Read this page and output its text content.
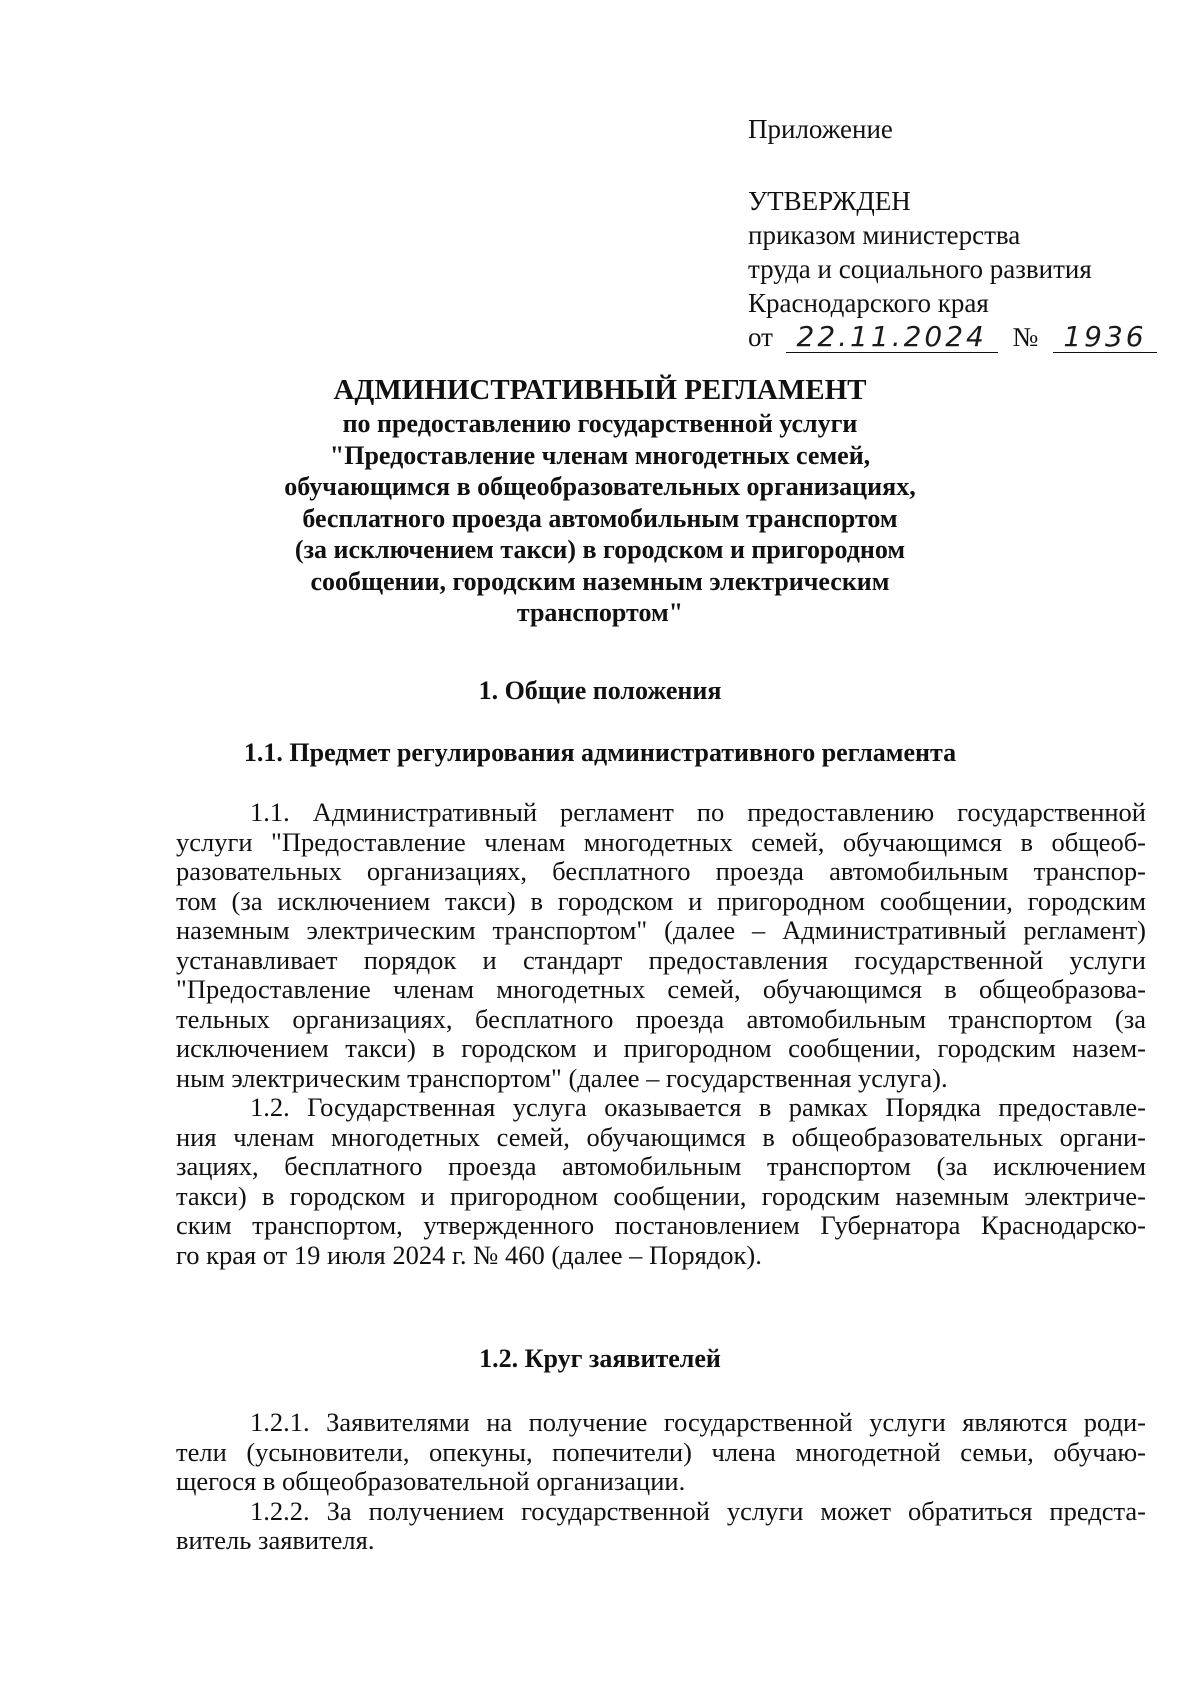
Приложение
УТВЕРЖДЕН
приказом министерства
труда и социального развития
Краснодарского края
от 22.11.2024 № 1936
АДМИНИСТРАТИВНЫЙ РЕГЛАМЕНТ
по предоставлению государственной услуги
"Предоставление членам многодетных семей,
обучающимся в общеобразовательных организациях,
бесплатного проезда автомобильным транспортом
(за исключением такси) в городском и пригородном
сообщении, городским наземным электрическим
транспортом"
1. Общие положения
1.1. Предмет регулирования административного регламента
1.1. Административный регламент по предоставлению государственной
услуги "Предоставление членам многодетных семей, обучающимся в общеоб-
разовательных организациях, бесплатного проезда автомобильным транспор-
том (за исключением такси) в городском и пригородном сообщении, городским
наземным электрическим транспортом" (далее – Административный регламент)
устанавливает порядок и стандарт предоставления государственной услуги
"Предоставление членам многодетных семей, обучающимся в общеобразова-
тельных организациях, бесплатного проезда автомобильным транспортом (за
исключением такси) в городском и пригородном сообщении, городским назем-
ным электрическим транспортом" (далее – государственная услуга).
1.2. Государственная услуга оказывается в рамках Порядка предоставле-
ния членам многодетных семей, обучающимся в общеобразовательных органи-
зациях, бесплатного проезда автомобильным транспортом (за исключением
такси) в городском и пригородном сообщении, городским наземным электриче-
ским транспортом, утвержденного постановлением Губернатора Краснодарско-
го края от 19 июля 2024 г. № 460 (далее – Порядок).
1.2. Круг заявителей
1.2.1. Заявителями на получение государственной услуги являются роди-
тели (усыновители, опекуны, попечители) члена многодетной семьи, обучаю-
щегося в общеобразовательной организации.
1.2.2. За получением государственной услуги может обратиться предста-
витель заявителя.
